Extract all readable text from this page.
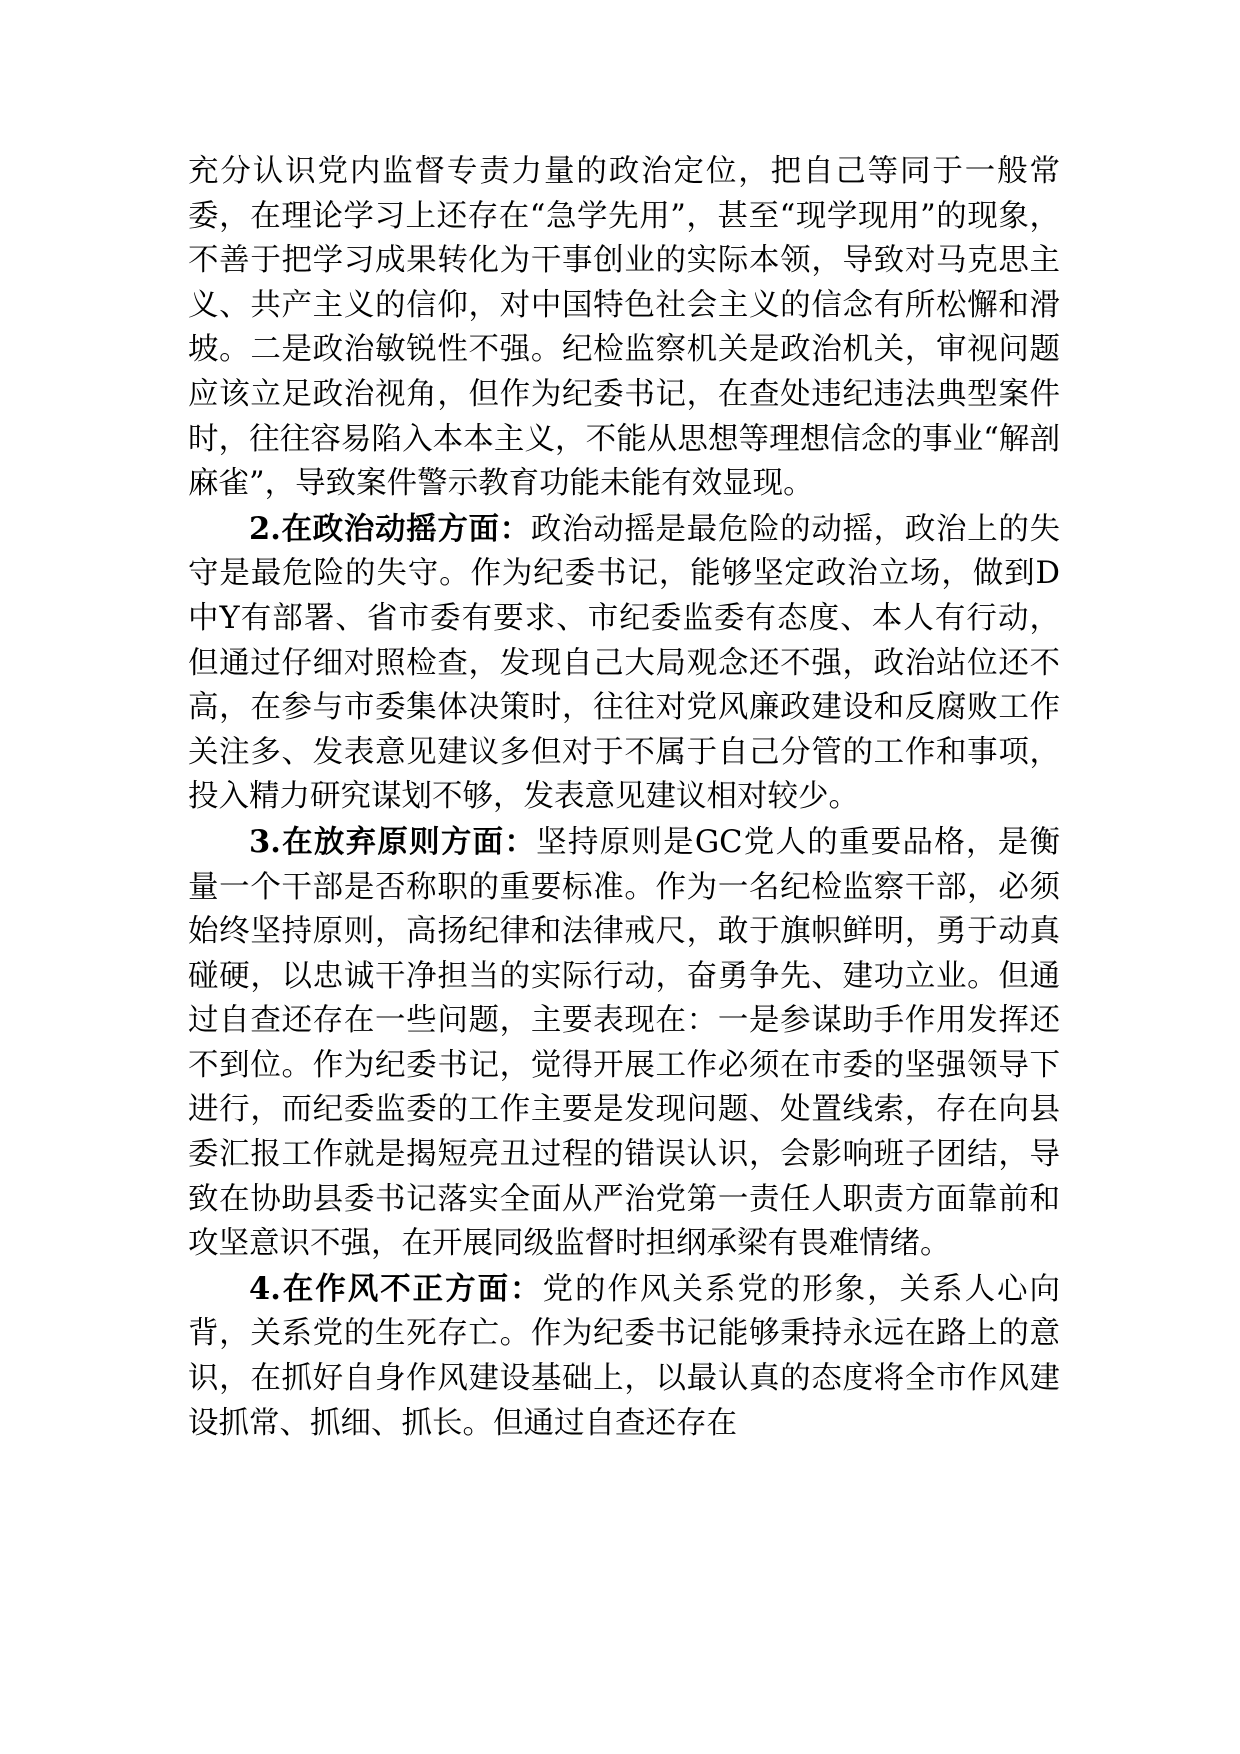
充分认识党内监督专责力量的政治定位，把自己等同于一般常委，在理论学习上还存在“急学先用”，甚至“现学现用”的现象，不善于把学习成果转化为干事创业的实际本领，导致对马克思主义、共产主义的信仰，对中国特色社会主义的信念有所松懈和滑坡。二是政治敏锐性不强。纪检监察机关是政治机关，审视问题应该立足政治视角，但作为纪委书记，在查处违纪违法典型案件时，往往容易陷入本本主义，不能从思想等理想信念的事业“解剖麻雀”，导致案件警示教育功能未能有效显现。

2.在政治动摇方面：政治动摇是最危险的动摇，政治上的失守是最危险的失守。作为纪委书记，能够坚定政治立场，做到D中Y有部署、省市委有要求、市纪委监委有态度、本人有行动，但通过仔细对照检查，发现自己大局观念还不强，政治站位还不高，在参与市委集体决策时，往往对党风廉政建设和反腐败工作关注多、发表意见建议多但对于不属于自己分管的工作和事项，投入精力研究谋划不够，发表意见建议相对较少。

3.在放弃原则方面：坚持原则是GC党人的重要品格，是衡量一个干部是否称职的重要标准。作为一名纪检监察干部，必须始终坚持原则，高扬纪律和法律戒尺，敢于旗帜鲜明，勇于动真碰硬，以忠诚干净担当的实际行动，奋勇争先、建功立业。但通过自查还存在一些问题，主要表现在：一是参谋助手作用发挥还不到位。作为纪委书记，觉得开展工作必须在市委的坚强领导下进行，而纪委监委的工作主要是发现问题、处置线索，存在向县委汇报工作就是揭短亮丑过程的错误认识，会影响班子团结，导致在协助县委书记落实全面从严治党第一责任人职责方面靠前和攻坚意识不强，在开展同级监督时担纲承梁有畏难情绪。

4.在作风不正方面：党的作风关系党的形象，关系人心向背，关系党的生死存亡。作为纪委书记能够秉持永远在路上的意识，在抓好自身作风建设基础上，以最认真的态度将全市作风建设抓常、抓细、抓长。但通过自查还存在
